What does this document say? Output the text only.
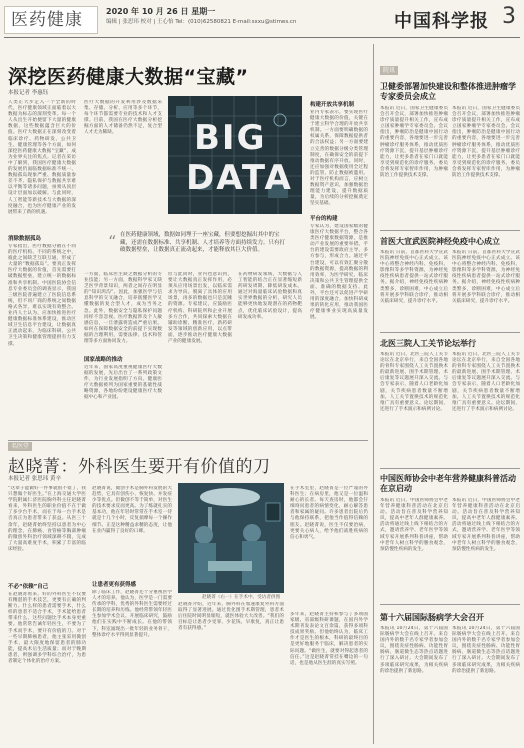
医药健康	2020 年 10 月 26 日 星期一
编辑 | 张思玮 校对 | 王心怡 Tel：(010)62580821 E-mail:sxxu@stimes.cn	中国科学报 3
深挖医药健康大数据“宝藏”
本报记者 李惠钰
人类正大步走入一个全新的时代，医疗健康领域正面临着以大数据为标志的深刻变革。每一个人从出生开始便留下大量的健康数据，这些数据蕴含巨大的价值。医疗大数据正在深刻改变着临床诊疗、药物研发、公共卫生、健康管理等各个方面，如何深挖医药健康大数据“宝藏”，成为业界关注的焦点。记者在采访中了解到，我国医疗健康大数据的发展仍面临数据标准不统一、数据孤岛现象严重、数据质量参差不齐、隐私保护与数据共享难以平衡等诸多问题，亟须从顶层设计层面加以破解。与此同时，人工智能等新技术与大数据的深度融合，也为医疗健康产业的发展带来了新的机遇。
消除数据孤岛
专家指出，医疗数据分散在不同的医疗机构、不同的系统之中，彼此之间缺乏互联互通，形成了大量的“数据孤岛”。要真正发挥医疗大数据的价值，首先需要打破数据壁垒，建立统一的数据标准和共享机制。中国医院协会信息专业委员会的调查显示，我国三级医院普遍建立了医院信息系统，但不同厂商的系统之间数据格式各异，难以实现有效整合。业内人士认为，应加快推进医疗健康数据标准体系建设，推动区域卫生信息平台建设，让数据真正流动起来，为临床科研、公共卫生决策和健康管理提供有力支撑。
BIG
DATA
医疗大数据的开发利用涉及数据采集、存储、分析、应用等多个环节，每个环节都需要专业的技术和人才支撑。目前，我国在医疗大数据分析挖掘方面的人才储备仍然不足，复合型人才尤为稀缺。
“ 在医药健康领域，数据如同埋于一座宝藏，但要想挖掘出其中的宝藏，还需在数据标准、共享机制、人才培养等方面持续发力。只有打破数据壁垒，让数据真正流动起来，才能释放其巨大价值。
一方面，临床医生缺乏数据分析的专业技能；另一方面，数据科学家又缺乏医学背景知识，两者之间存在明显的“知识鸿沟”。因此，加强医学与信息科学的交叉融合，培养既懂医学又懂数据的复合型人才，成为当务之急。此外，数据安全与隐私保护问题同样不容忽视。医疗数据涉及个人敏感信息，一旦泄露将造成严重后果。如何在保障数据安全的前提下实现数据的合理利用，需要法律、技术和管理等多方面协同发力。
国家战略的推动
近年来，国家高度重视健康医疗大数据的发展，先后出台了一系列政策文件，为行业发展指明了方向。健康医疗大数据被列为国家重要的基础性战略资源，各地纷纷建设健康医疗大数据中心和产业园。
但与此同时，业内也意识到，要让大数据真正发挥作用，必须从应用场景出发，以临床需求为导向。脱离了具体的应用场景，再多的数据也只是沉睡的资源。专家建议，应鼓励医疗机构、科研院所和企业开展多方合作，共同探索大数据在辅助诊断、精准医疗、新药研发等领域的创新应用，以点带面，逐步推动医疗健康大数据产业的健康发展。
在药物研发领域，大数据与人工智能的结合正在显著缩短新药研发周期、降低研发成本。通过对海量临床试验数据和真实世界数据的分析，研究人员能够更快地发现潜在的药物靶点，优化临床试验设计，提高研发成功率。
构建开放共享机制
业内专家表示，要实现医疗健康大数据的价值，关键在于建立科学合理的开放共享机制。一方面要明确数据的权属关系，保障数据提供者的合法权益；另一方面要建立完善的数据分级分类管理制度，在确保安全的前提下推动数据有序开放。同时，还应加强对数据使用全过程的监管，防止数据被滥用。对于医疗机构而言，应树立数据资产意识，加强数据治理能力建设，提升数据质量，为后续的分析挖掘奠定坚实基础。
平台的构建
专家认为，建设国家级的健康医疗大数据平台，整合各类医疗健康数据资源，是推动产业发展的重要举措。平台的建设需要政府主导、多方参与，形成合力。通过平台建设，可以有效汇聚分散的数据资源，提高数据的利用效率，为医学研究、临床决策和公共卫生管理提供全面、准确的数据支持。此外，平台还可以促进产学研用的深度融合，加快科研成果的转化应用，推动我国医疗健康事业实现高质量发展。
院讯
卫健委部署加快建设和整体推进肿瘤学专家委员会成立
本报讯 近日，国家卫生健康委员会召开会议，部署加快推进肿瘤诊疗质量提升相关工作，宣布成立国家肿瘤学专家委员会。会议指出，肿瘤防治是健康中国行动的重要内容，各地要进一步完善肿瘤诊疗服务体系，推动优质医疗资源下沉，提升基层肿瘤诊疗能力，让更多患者在家门口就能享受到规范化的诊疗服务。委员会将发挥专家智库作用，为肿瘤防治工作提供技术支撑。
本报讯 近日，国家卫生健康委员会召开会议，部署加快推进肿瘤诊疗质量提升相关工作，宣布成立国家肿瘤学专家委员会。会议指出，肿瘤防治是健康中国行动的重要内容，各地要进一步完善肿瘤诊疗服务体系，推动优质医疗资源下沉，提升基层肿瘤诊疗能力，让更多患者在家门口就能享受到规范化的诊疗服务。委员会将发挥专家智库作用，为肿瘤防治工作提供技术支撑。
首医大宣武医院神经免疫中心成立
本报讯 日前，首都医科大学宣武医院神经免疫中心正式成立。该中心将整合神经内科、免疫科、影像科等多学科资源，为神经免疫性疾病患者提供一站式诊疗服务。据介绍，神经免疫性疾病种类繁多，诊断困难，中心成立后将开展多学科联合诊疗，推动相关临床研究，提升诊疗水平。
本报讯 日前，首都医科大学宣武医院神经免疫中心正式成立。该中心将整合神经内科、免疫科、影像科等多学科资源，为神经免疫性疾病患者提供一站式诊疗服务。据介绍，神经免疫性疾病种类繁多，诊断困难，中心成立后将开展多学科联合诊疗，推动相关临床研究，提升诊疗水平。
北医三院人工关节论坛举行
本报讯 近日，北医三院人工关节论坛在北京举行，来自全国各地的骨科专家围绕人工关节置换术的最新进展、围手术期管理、术后康复等议题展开深入交流。与会专家表示，随着人口老龄化加剧，关节疾病患者数量不断增加，人工关节置换技术的规范化推广具有重要意义。论坛期间，还进行了手术演示和病例讨论。
本报讯 近日，北医三院人工关节论坛在北京举行，来自全国各地的骨科专家围绕人工关节置换术的最新进展、围手术期管理、术后康复等议题展开深入交流。与会专家表示，随着人口老龄化加剧，关节疾病患者数量不断增加，人工关节置换技术的规范化推广具有重要意义。论坛期间，还进行了手术演示和病例讨论。
中国医师协会中老年营养健康科普活动在京启动
本报讯 近日，中国医师协会中老年营养健康科普活动在北京启动。活动旨在普及科学营养知识，提高中老年人群健康素养。活动将通过线上线下相结合的方式，邀请营养学、老年医学等领域专家开展系列科普讲座，帮助中老年人树立科学的膳食观念，预防慢性疾病的发生。
本报讯 近日，中国医师协会中老年营养健康科普活动在北京启动。活动旨在普及科学营养知识，提高中老年人群健康素养。活动将通过线上线下相结合的方式，邀请营养学、老年医学等领域专家开展系列科普讲座，帮助中老年人树立科学的膳食观念，预防慢性疾病的发生。
第十六届国际肠病学大会召开
本报讯 10月24日，第十六届国际肠病学大会在线上召开。来自国内外的数千名专家学者参加会议，围绕炎症性肠病、功能性胃肠病、肠道微生态等热点话题进行了深入研讨。大会期间发布了多项临床研究成果，为相关疾病的诊治提供了新思路。
本报讯 10月24日，第十六届国际肠病学大会在线上召开。来自国内外的数千名专家学者参加会议，围绕炎症性肠病、功能性胃肠病、肠道微生态等热点话题进行了深入研讨。大会期间发布了多项临床研究成果，为相关疾病的诊治提供了新思路。
名医堂
赵晓菁：外科医生要开有价值的刀
本报记者 张思玮 黄辛
“这辈子能做好一件事就很不错了，我只想做个好医生。”在上海交通大学医学院附属仁济医院胸外科主任赵晓菁看来，外科医生的职业价值不在于做了多少台手术，而在于每一台手术是否真正为患者带来了获益。从医三十余年，赵晓菁始终坚持以患者为中心的理念，在肺癌、食管癌等胸部肿瘤的微创外科治疗领域深耕不辍，完成了大量高难度手术，积累了丰富的临床经验。
不必“依赖”自己
在赵晓菁看来，好的外科医生不仅要有精湛的手术技艺，更要有正确的判断力。什么样的患者需要手术，什么样的患者不适合手术，手术能给患者带来什么，这些问题比手术本身更重要。他常常告诫年轻医生，不要为了手术而手术，要开有价值的刀。对于一些早期肺癌患者，他主张采用微创手术，最大限度地保留患者的肺功能，提高术后生活质量；而对于晚期患者，则强调多学科综合治疗，为患者制定个体化的治疗方案。
赵晓菁说，微创手术是胸外科发展的大趋势，它具有创伤小、恢复快、并发症少等优点。但微创不等于简单，对医生的技术要求反而更高。为了练就扎实的基本功，他在年轻时常常在手术室一待就是十几个小时，反复揣摩每一个操作细节。正是这种精益求精的态度，让他在业内赢得了良好的口碑。
让患者更有获得感
除了临床工作，赵晓菁还十分重视医学人才的培养。他认为，医学是一门需要传承的学科，优秀的外科医生需要经过长期的培养和历练。他经常带领年轻医生参加学术会议、开展临床研究，鼓励他们在实践中不断成长。在他的带领下，科室涌现出一批年轻的业务骨干，整体诊疗水平得到显著提升。
赵晓菁（右一）在手术中。受访者供图
赵晓菁介绍，近年来，胸外科在加速康复外科方面取得了显著进展。通过优化围手术期管理，患者术后住院时间明显缩短，就医体验大大改善。“我们的目标是让患者少受罪、少花钱、早康复，真正让患者有获得感。”
在手术室里，赵晓菁是一位严谨的外科医生；在病房里，他又是一位温和耐心的长者。每天查房时，他都会仔细询问患者的病情变化，耐心解答患者和家属的疑问。许多患者出院后仍与他保持联系，把他当作值得信赖的朋友。赵晓菁说，医生不仅要治病，更要关心病人，给予他们战胜疾病的信心和勇气。
多年来，赵晓菁主持和参与了多项国家级、省部级科研课题，在国内外学术期刊发表论文百余篇，获得多项科技成果奖励。但他始终认为，临床工作才是医生的根本，科研的最终目的是更好地服务于临床，解决患者的实际问题。“做医生，就要对得起患者的信任。”这是赵晓菁常挂在嘴边的一句话，也是他从医生涯的真实写照。
